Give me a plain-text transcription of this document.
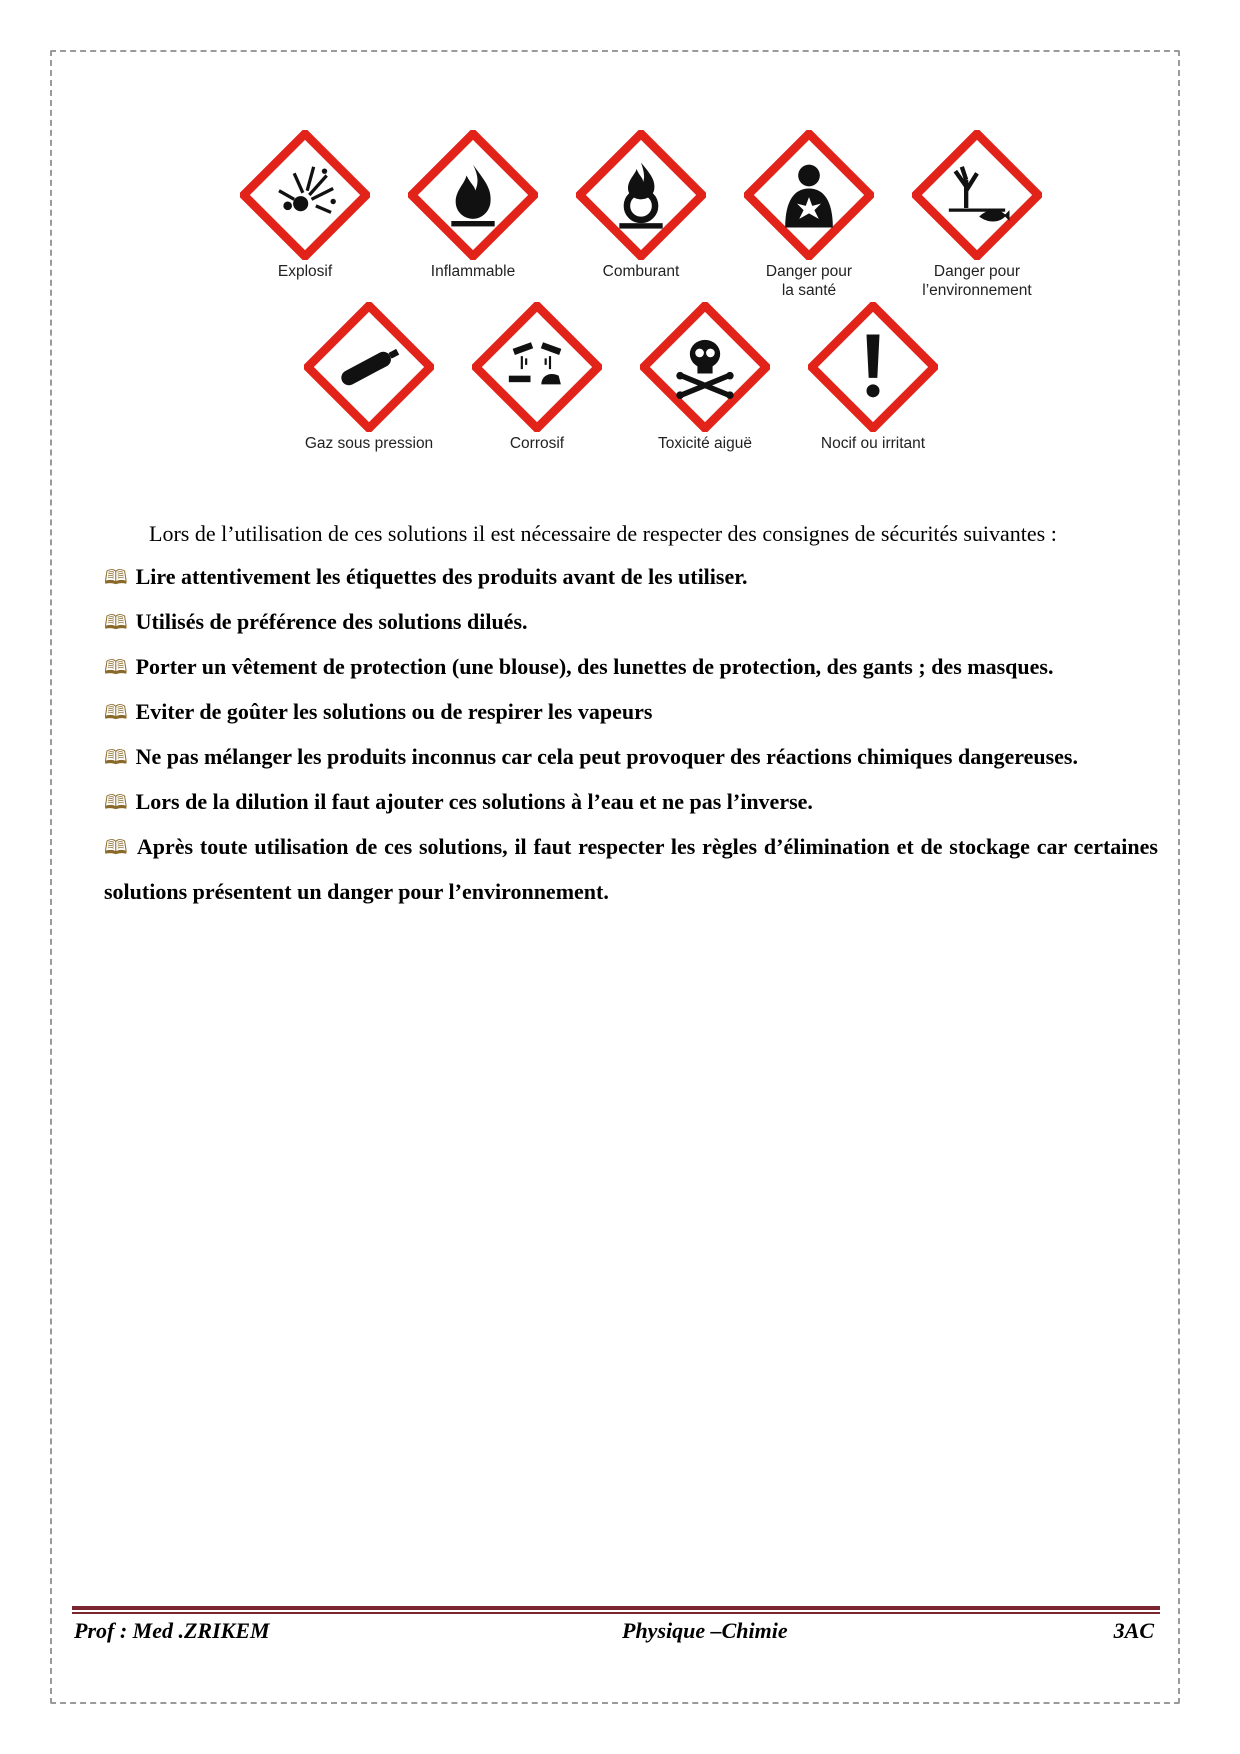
Explosif	Inflammable	Comburant	Danger pour
la santé
Danger pour
l’environnement
Gaz sous pression	Corrosif	Toxicité aiguë	Nocif ou irritant

Lors de l’utilisation de ces solutions il est nécessaire de respecter des consignes de sécurités suivantes :

🕮 Lire attentivement les étiquettes des produits avant de les utiliser.

🕮 Utilisés de préférence des solutions dilués.

🕮 Porter un vêtement de protection (une blouse), des lunettes de protection, des gants ; des masques.

🕮 Eviter de goûter les solutions ou de respirer les vapeurs

🕮 Ne pas mélanger les produits inconnus car cela peut provoquer des réactions chimiques dangereuses.

🕮 Lors de la dilution il faut ajouter ces solutions à l’eau et ne pas l’inverse.

🕮 Après toute utilisation de ces solutions, il faut respecter les règles d’élimination et de stockage car certaines solutions présentent un danger pour l’environnement.

Prof : Med .ZRIKEM	Physique –Chimie	3AC
